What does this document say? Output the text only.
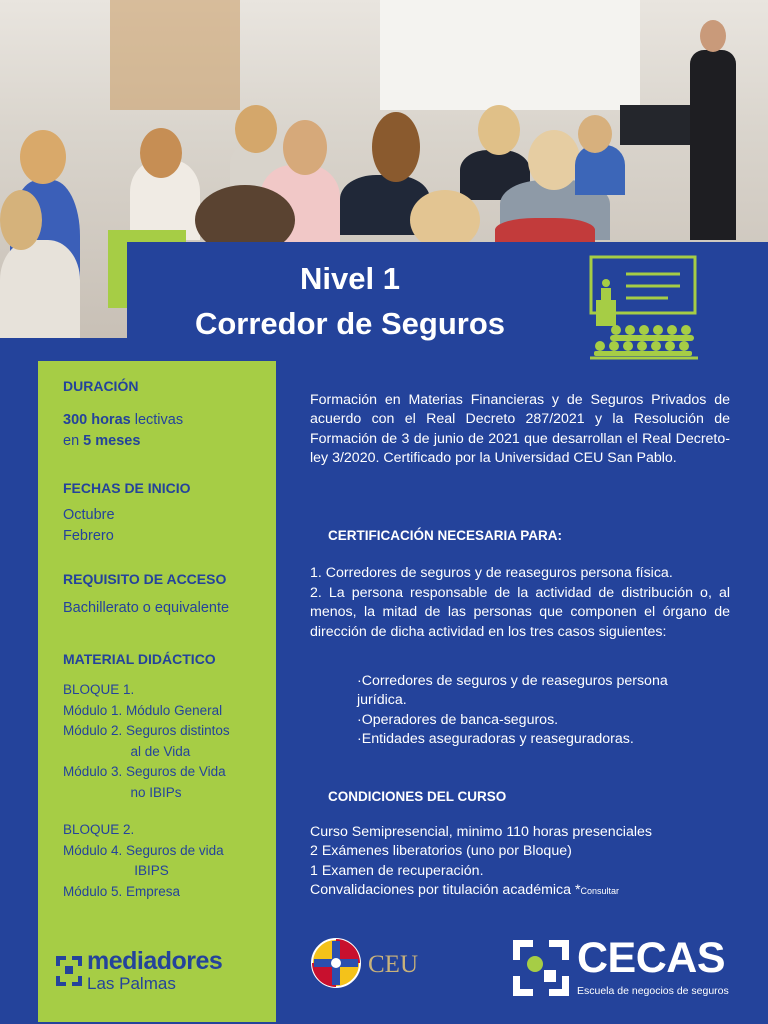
Nivel 1
Corredor de Seguros
DURACIÓN
300 horas lectivas
en 5 meses
FECHAS DE INICIO
Octubre
Febrero
REQUISITO DE ACCESO
Bachillerato o equivalente
MATERIAL DIDÁCTICO
BLOQUE 1.
Módulo 1. Módulo General
Módulo 2. Seguros distintos
al de Vida
Módulo 3. Seguros de Vida
no IBIPs
BLOQUE 2.
Módulo 4. Seguros de vida
IBIPS
Módulo 5. Empresa
mediadores
Las Palmas
Formación en Materias Financieras y de Seguros Privados de acuerdo con el Real Decreto 287/2021 y la Resolución de Formación de 3 de junio de 2021 que desarrollan el Real Decreto-ley 3/2020. Certificado por la Universidad CEU San Pablo.
CERTIFICACIÓN NECESARIA PARA:
1. Corredores de seguros y de reaseguros persona física.
2. La persona responsable de la actividad de distribución o, al menos, la mitad de las personas que componen el órgano de dirección de dicha actividad en los tres casos siguientes:
·Corredores de seguros y de reaseguros persona jurídica.
·Operadores de banca-seguros.
·Entidades aseguradoras y reaseguradoras.
CONDICIONES DEL CURSO
Curso Semipresencial, minimo 110 horas presenciales
2 Exámenes liberatorios (uno por Bloque)
1 Examen de recuperación.
Convalidaciones por titulación académica *Consultar
CEU	CECAS
Escuela de negocios de seguros
